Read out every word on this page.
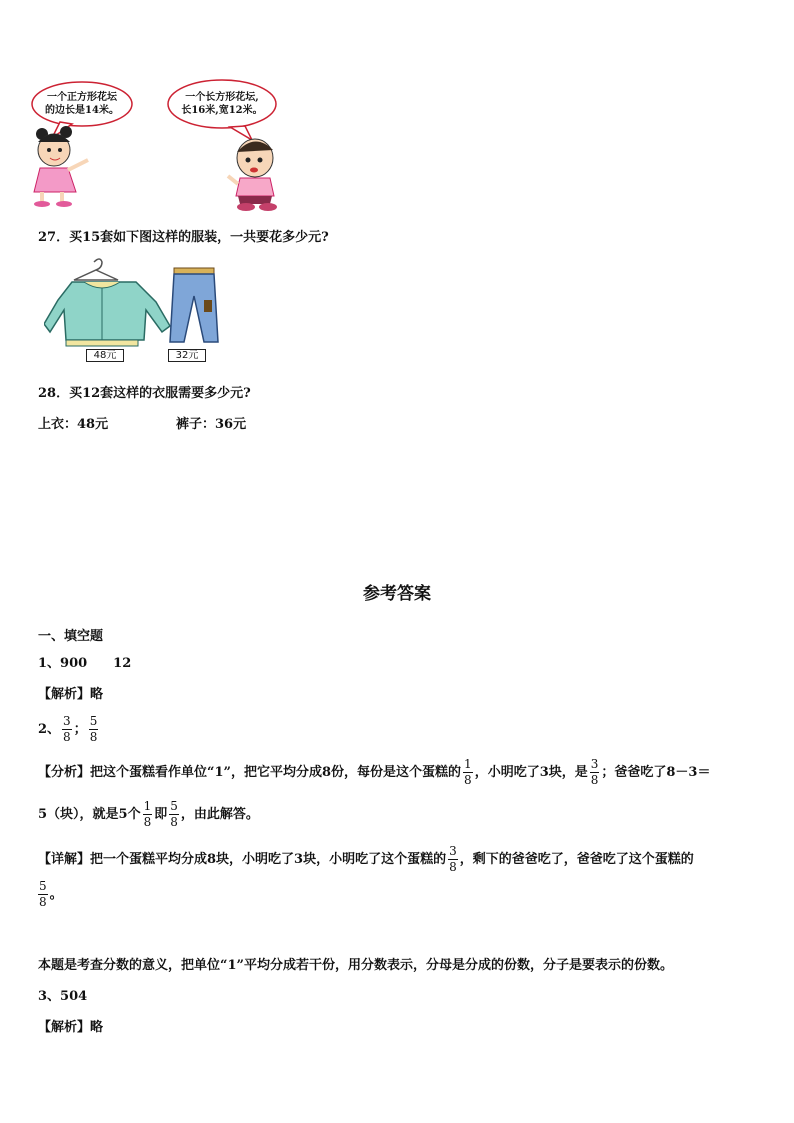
一个正方形花坛
的边长是14米。
一个长方形花坛,
长16米,宽12米。
27．买15套如下图这样的服装，一共要花多少元?
48元	32元
28．买12套这样的衣服需要多少元?
上衣：48元	裤子：36元
参考答案
一、填空题
1、900　　12
【解析】略
2、 $\frac{3}{8}$ ； $\frac{5}{8}$
【分析】把这个蛋糕看作单位“1”，把它平均分成8份，每份是这个蛋糕的 $\frac{1}{8}$ ，小明吃了3块，是 $\frac{3}{8}$ ；爸爸吃了8－3＝
5（块），就是5个 $\frac{1}{8}$ 即 $\frac{5}{8}$ ，由此解答。
【详解】把一个蛋糕平均分成8块，小明吃了3块，小明吃了这个蛋糕的 $\frac{3}{8}$ ，剩下的爸爸吃了，爸爸吃了这个蛋糕的
$\frac{5}{8}$ 。
本题是考查分数的意义，把单位“1”平均分成若干份，用分数表示，分母是分成的份数，分子是要表示的份数。
3、504
【解析】略
